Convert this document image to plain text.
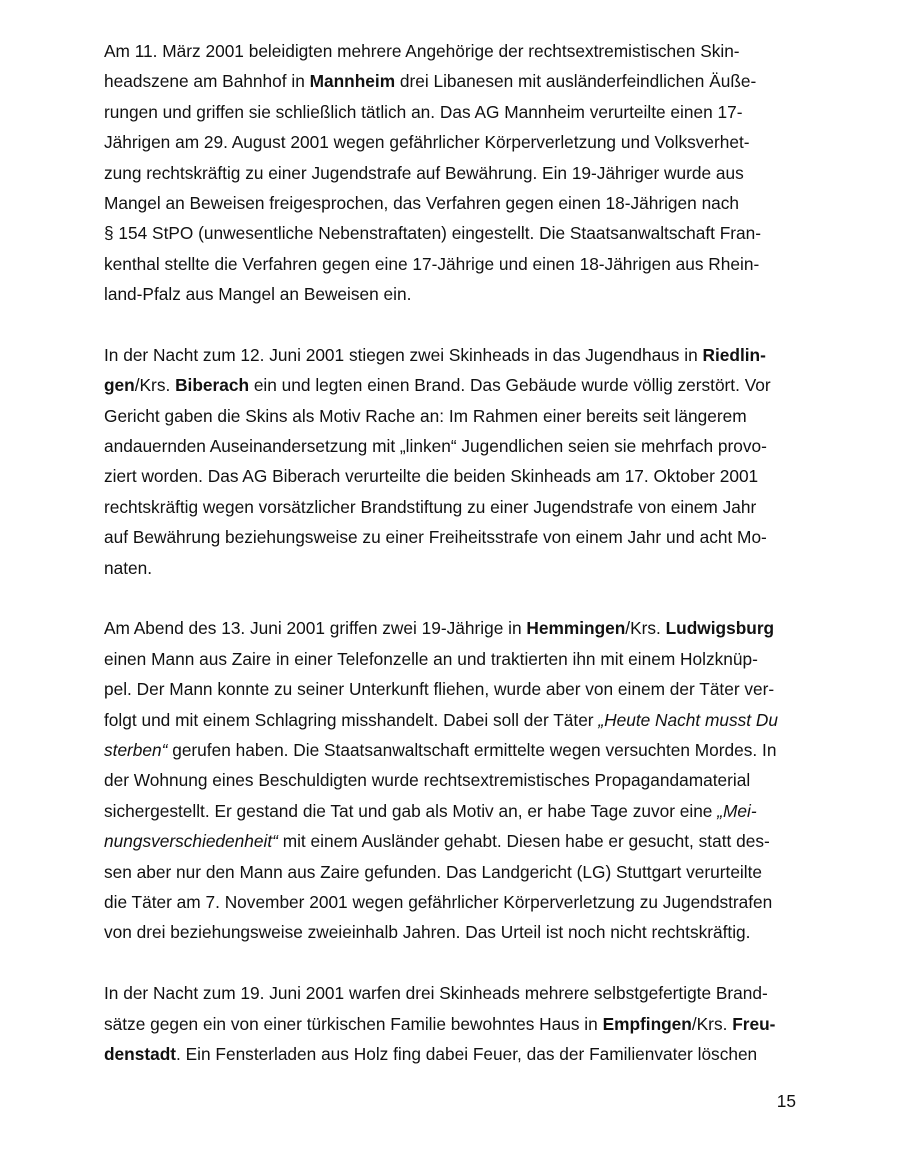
Am 11. März 2001 beleidigten mehrere Angehörige der rechtsextremistischen Skin-
headszene am Bahnhof in Mannheim drei Libanesen mit ausländerfeindlichen Äuße-
rungen und griffen sie schließlich tätlich an. Das AG Mannheim verurteilte einen 17-
Jährigen am 29. August 2001 wegen gefährlicher Körperverletzung und Volksverhet-
zung rechtskräftig zu einer Jugendstrafe auf Bewährung. Ein 19-Jähriger wurde aus
Mangel an Beweisen freigesprochen, das Verfahren gegen einen 18-Jährigen nach
§ 154 StPO (unwesentliche Nebenstraftaten) eingestellt. Die Staatsanwaltschaft Fran-
kenthal stellte die Verfahren gegen eine 17-Jährige und einen 18-Jährigen aus Rhein-
land-Pfalz aus Mangel an Beweisen ein.
In der Nacht zum 12. Juni 2001 stiegen zwei Skinheads in das Jugendhaus in Riedlin-
gen/Krs. Biberach ein und legten einen Brand. Das Gebäude wurde völlig zerstört. Vor
Gericht gaben die Skins als Motiv Rache an: Im Rahmen einer bereits seit längerem
andauernden Auseinandersetzung mit „linken“ Jugendlichen seien sie mehrfach provo-
ziert worden. Das AG Biberach verurteilte die beiden Skinheads am 17. Oktober 2001
rechtskräftig wegen vorsätzlicher Brandstiftung zu einer Jugendstrafe von einem Jahr
auf Bewährung beziehungsweise zu einer Freiheitsstrafe von einem Jahr und acht Mo-
naten.
Am Abend des 13. Juni 2001 griffen zwei 19-Jährige in Hemmingen/Krs. Ludwigsburg
einen Mann aus Zaire in einer Telefonzelle an und traktierten ihn mit einem Holzknüp-
pel. Der Mann konnte zu seiner Unterkunft fliehen, wurde aber von einem der Täter ver-
folgt und mit einem Schlagring misshandelt. Dabei soll der Täter „Heute Nacht musst Du
sterben“ gerufen haben. Die Staatsanwaltschaft ermittelte wegen versuchten Mordes. In
der Wohnung eines Beschuldigten wurde rechtsextremistisches Propagandamaterial
sichergestellt. Er gestand die Tat und gab als Motiv an, er habe Tage zuvor eine „Mei-
nungsverschiedenheit“ mit einem Ausländer gehabt. Diesen habe er gesucht, statt des-
sen aber nur den Mann aus Zaire gefunden. Das Landgericht (LG) Stuttgart verurteilte
die Täter am 7. November 2001 wegen gefährlicher Körperverletzung zu Jugendstrafen
von drei beziehungsweise zweieinhalb Jahren. Das Urteil ist noch nicht rechtskräftig.
In der Nacht zum 19. Juni 2001 warfen drei Skinheads mehrere selbstgefertigte Brand-
sätze gegen ein von einer türkischen Familie bewohntes Haus in Empfingen/Krs. Freu-
denstadt. Ein Fensterladen aus Holz fing dabei Feuer, das der Familienvater löschen
15
